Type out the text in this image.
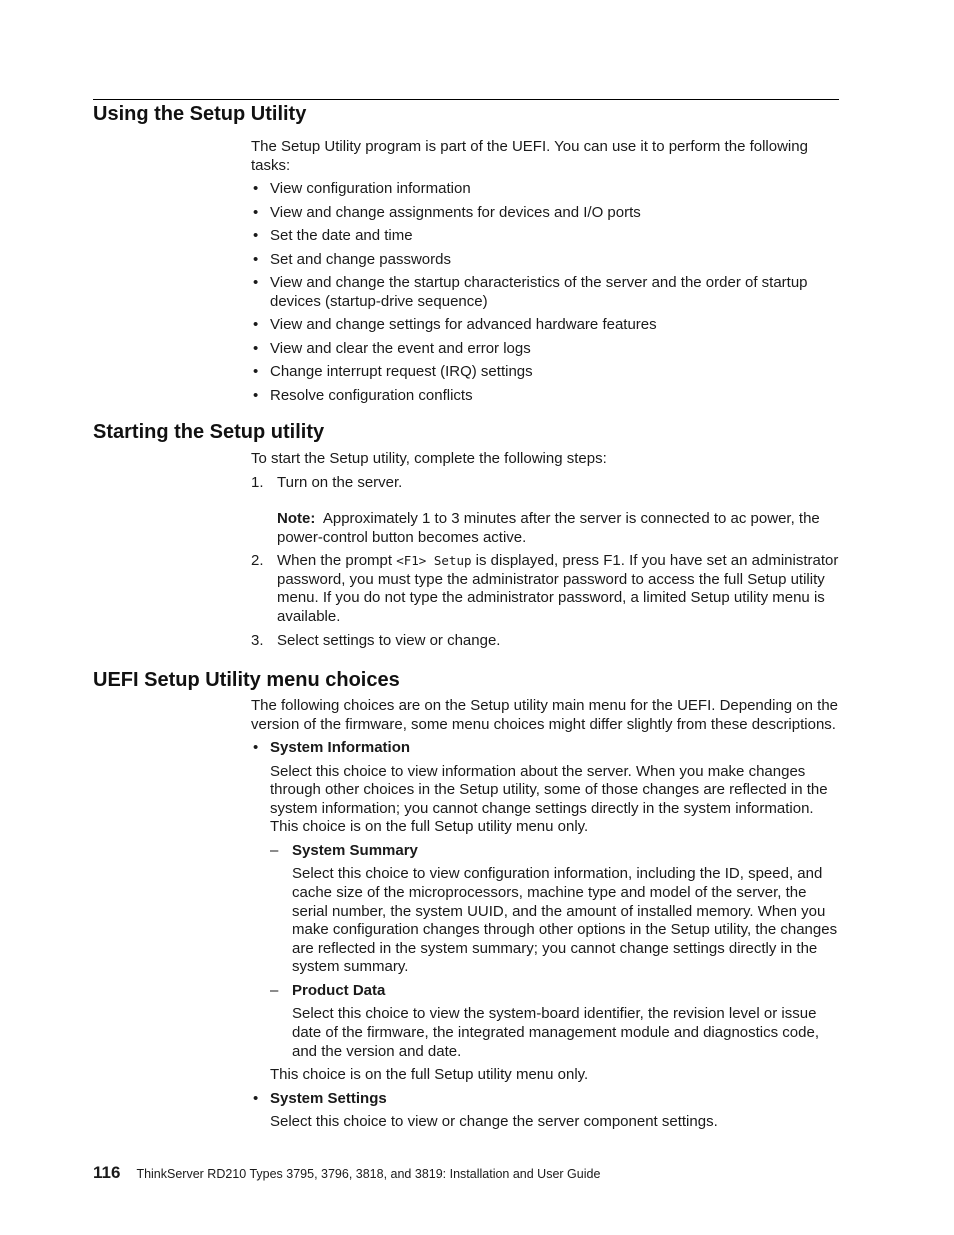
Using the Setup Utility

The Setup Utility program is part of the UEFI. You can use it to perform the following tasks:

• View configuration information
• View and change assignments for devices and I/O ports
• Set the date and time
• Set and change passwords
• View and change the startup characteristics of the server and the order of startup devices (startup-drive sequence)
• View and change settings for advanced hardware features
• View and clear the event and error logs
• Change interrupt request (IRQ) settings
• Resolve configuration conflicts
Starting the Setup utility

To start the Setup utility, complete the following steps:

1. Turn on the server.
Note: Approximately 1 to 3 minutes after the server is connected to ac power, the power-control button becomes active.
2. When the prompt <F1> Setup is displayed, press F1. If you have set an administrator password, you must type the administrator password to access the full Setup utility menu. If you do not type the administrator password, a limited Setup utility menu is available.
3. Select settings to view or change.
UEFI Setup Utility menu choices

The following choices are on the Setup utility main menu for the UEFI. Depending on the version of the firmware, some menu choices might differ slightly from these descriptions.

• System Information
Select this choice to view information about the server. When you make changes through other choices in the Setup utility, some of those changes are reflected in the system information; you cannot change settings directly in the system information. This choice is on the full Setup utility menu only.
– System Summary
Select this choice to view configuration information, including the ID, speed, and cache size of the microprocessors, machine type and model of the server, the serial number, the system UUID, and the amount of installed memory. When you make configuration changes through other options in the Setup utility, the changes are reflected in the system summary; you cannot change settings directly in the system summary.
– Product Data
Select this choice to view the system-board identifier, the revision level or issue date of the firmware, the integrated management module and diagnostics code, and the version and date.
This choice is on the full Setup utility menu only.
• System Settings
Select this choice to view or change the server component settings.
116 ThinkServer RD210 Types 3795, 3796, 3818, and 3819: Installation and User Guide
